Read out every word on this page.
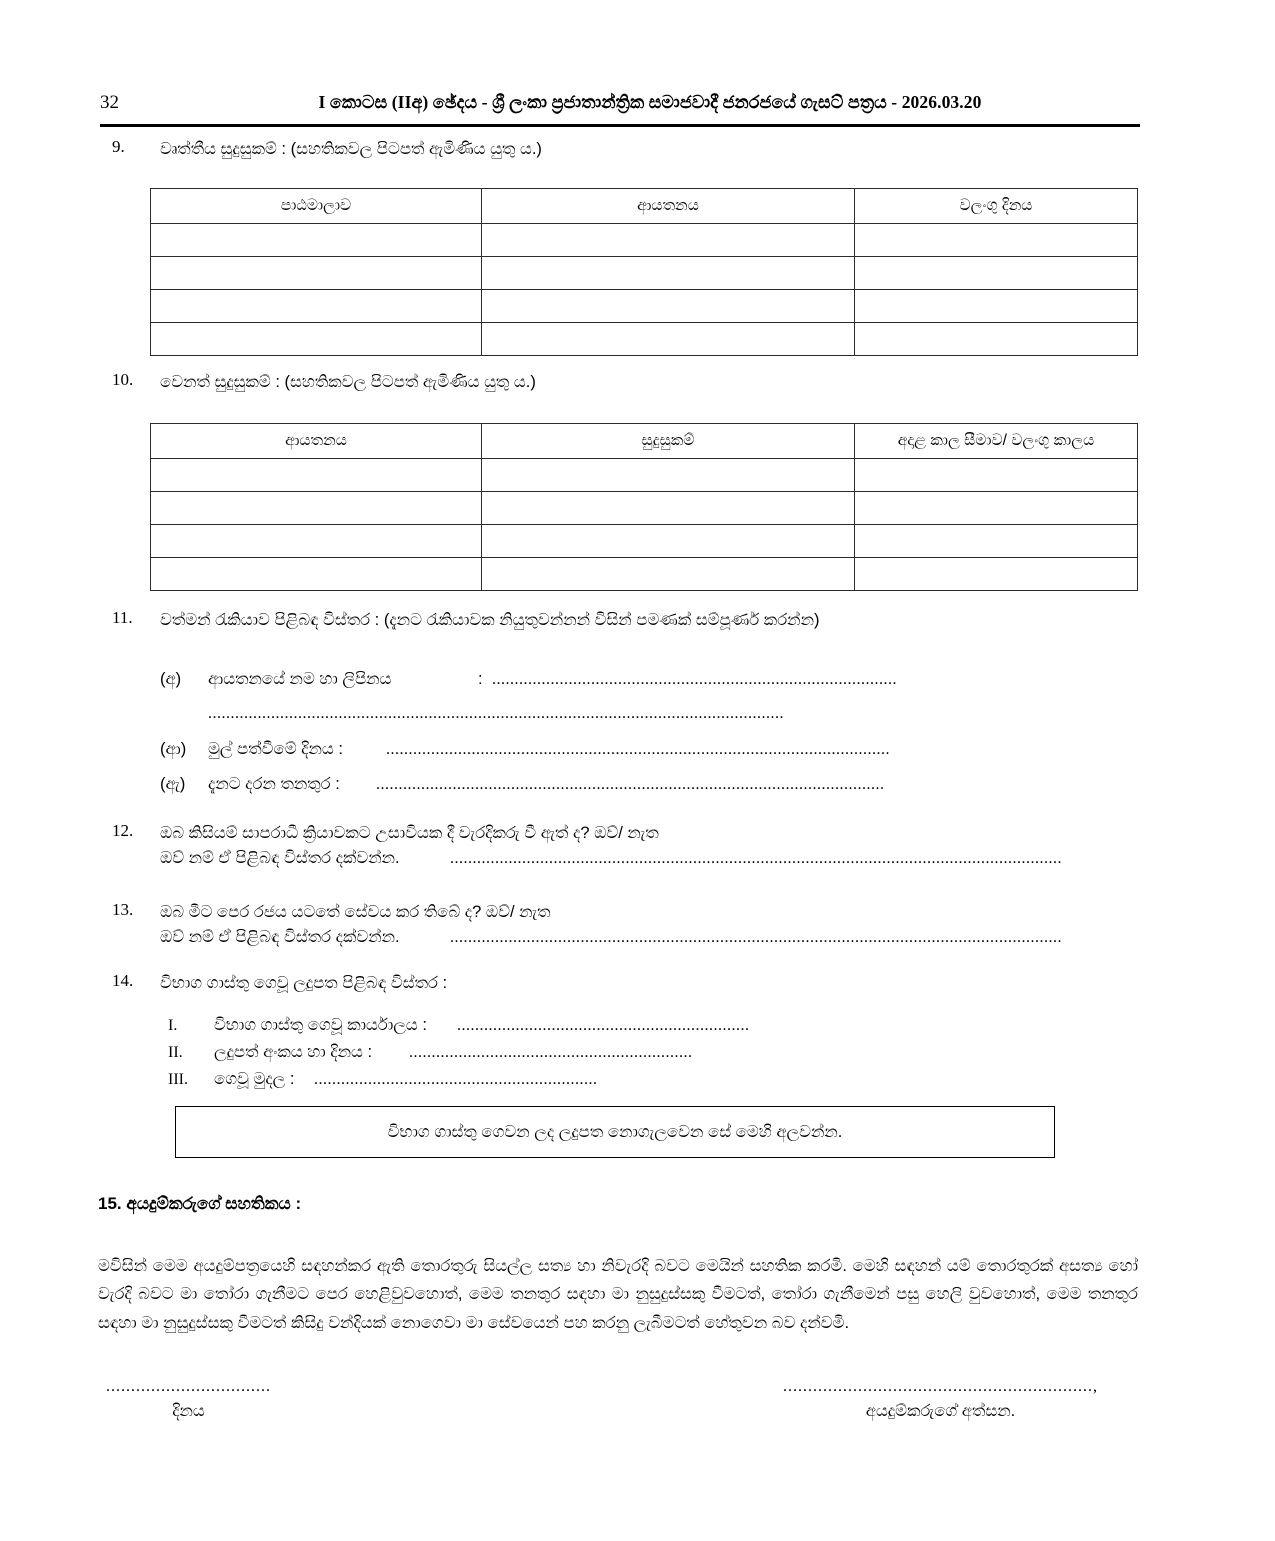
32	I කොටස (IIඅ) ඡේදය - ශ්‍රී ලංකා ප්‍රජාතාන්ත්‍රික සමාජවාදී ජනරජයේ ගැසට් පත්‍රය - 2026.03.20
9.	වෘත්තීය සුදුසුකම් : (සහතිකවල පිටපත් ඇමිණිය යුතු ය.)
පාඨමාලාව	ආයතනය	වලංගු දිනය

10.	වෙනත් සුදුසුකම් : (සහතිකවල පිටපත් ඇමිණිය යුතු ය.)
ආයතනය	සුදුසුකම්	අදාළ කාල සීමාව/ වලංගු කාලය

11.	වත්මන් රැකියාව පිළිබඳ විස්තර : (දැනට රැකියාවක නියුතුවන්නන් විසින් පමණක් සම්පූර්ණ කරන්න)
(අ)	ආයතනයේ නම හා ලිපිනය	: ..........................................................................................
................................................................................................................................
(ආ)	මුල් පත්වීමේ දිනය :	................................................................................................................
(ඇ)	දැනට දරන තනතුර :	.................................................................................................................
12.	ඔබ කිසියම් සාපරාධී ක්‍රියාවකට උසාවියක දී වැරදිකරු වී ඇත් ද? ඔව්/ නැත
ඔව් නම් ඒ පිළිබඳ විස්තර දක්වන්න.	........................................................................................................................................
13.	ඔබ මීට පෙර රජය යටතේ සේවය කර තිබේ ද? ඔව්/ නැත
ඔව් නම් ඒ පිළිබඳ විස්තර දක්වන්න.	........................................................................................................................................
14.	විභාග ගාස්තු ගෙවූ ලදුපත පිළිබඳ විස්තර :
I.	විභාග ගාස්තු ගෙවූ කාර්යාලය :	.................................................................
II.	ලදුපත් අංකය හා දිනය :	...............................................................
III.	ගෙවූ මුදල :	...............................................................
විභාග ගාස්තු ගෙවන ලද ලදුපත නොගැලවෙන සේ මෙහි අලවන්න.
15. අයදුම්කරුගේ සහතිකය :
මවිසින් මෙම අයදුම්පත්‍රයෙහි සඳහන්කර ඇති තොරතුරු සියල්ල සත්‍ය හා නිවැරදි බවට මෙයින් සහතික කරමි. මෙහි සඳහන් යම් තොරතුරක් අසත්‍ය හෝ වැරදි බවට මා තෝරා ගැනීමට පෙර හෙළිවුවහොත්, මෙම තනතුර සඳහා මා නුසුදුස්සකු වීමටත්, තෝරා ගැනීමෙන් පසු හෙලි වුවහොත්, මෙම තනතුර සඳහා මා නුසුදුස්සකු වීමටත් කිසිදු වන්දියක් නොගෙවා මා සේවයෙන් පහ කරනු ලැබීමටත් හේතුවන බව දන්වමි.
.................................
දිනය
..............................................................,
අයදුම්කරුගේ අත්සන.
